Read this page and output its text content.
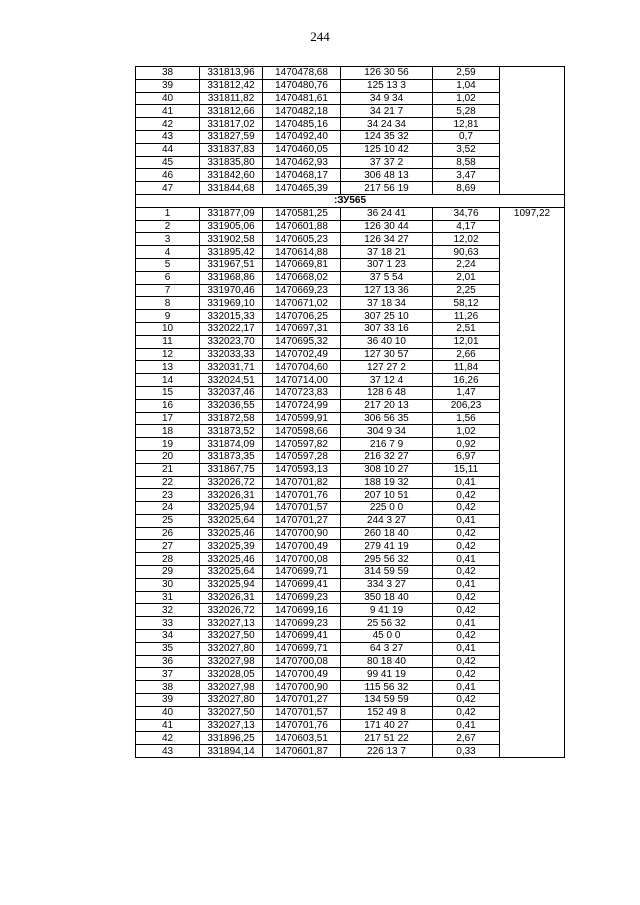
244
38	331813,96	1470478,68	126 30 56	2,59	
39	331812,42	1470480,76	125 13 3	1,04	
40	331811,82	1470481,61	34 9 34	1,02	
41	331812,66	1470482,18	34 21 7	5,28	
42	331817,02	1470485,16	34 24 34	12,81	
43	331827,59	1470492,40	124 35 32	0,7	
44	331837,83	1470460,05	125 10 42	3,52	
45	331835,80	1470462,93	37 37 2	8,58	
46	331842,60	1470468,17	306 48 13	3,47	
47	331844,68	1470465,39	217 56 19	8,69	
:ЗУ565					
1	331877,09	1470581,25	36 24 41	34,76	1097,22
2	331905,06	1470601,88	126 30 44	4,17	
3	331902,58	1470605,23	126 34 27	12,02	
4	331895,42	1470614,88	37 18 21	90,63	
5	331967,51	1470669,81	307 1 23	2,24	
6	331968,86	1470668,02	37 5 54	2,01	
7	331970,46	1470669,23	127 13 36	2,25	
8	331969,10	1470671,02	37 18 34	58,12	
9	332015,33	1470706,25	307 25 10	11,26	
10	332022,17	1470697,31	307 33 16	2,51	
11	332023,70	1470695,32	36 40 10	12,01	
12	332033,33	1470702,49	127 30 57	2,66	
13	332031,71	1470704,60	127 27 2	11,84	
14	332024,51	1470714,00	37 12 4	16,26	
15	332037,46	1470723,83	128 6 48	1,47	
16	332036,55	1470724,99	217 20 13	206,23	
17	331872,58	1470599,91	306 56 35	1,56	
18	331873,52	1470598,66	304 9 34	1,02	
19	331874,09	1470597,82	216 7 9	0,92	
20	331873,35	1470597,28	216 32 27	6,97	
21	331867,75	1470593,13	308 10 27	15,11	
22	332026,72	1470701,82	188 19 32	0,41	
23	332026,31	1470701,76	207 10 51	0,42	
24	332025,94	1470701,57	225 0 0	0,42	
25	332025,64	1470701,27	244 3 27	0,41	
26	332025,46	1470700,90	260 18 40	0,42	
27	332025,39	1470700,49	279 41 19	0,42	
28	332025,46	1470700,08	295 56 32	0,41	
29	332025,64	1470699,71	314 59 59	0,42	
30	332025,94	1470699,41	334 3 27	0,41	
31	332026,31	1470699,23	350 18 40	0,42	
32	332026,72	1470699,16	9 41 19	0,42	
33	332027,13	1470699,23	25 56 32	0,41	
34	332027,50	1470699,41	45 0 0	0,42	
35	332027,80	1470699,71	64 3 27	0,41	
36	332027,98	1470700,08	80 18 40	0,42	
37	332028,05	1470700,49	99 41 19	0,42	
38	332027,98	1470700,90	115 56 32	0,41	
39	332027,80	1470701,27	134 59 59	0,42	
40	332027,50	1470701,57	152 49 8	0,42	
41	332027,13	1470701,76	171 40 27	0,41	
42	331896,25	1470603,51	217 51 22	2,67	
43	331894,14	1470601,87	226 13 7	0,33	
